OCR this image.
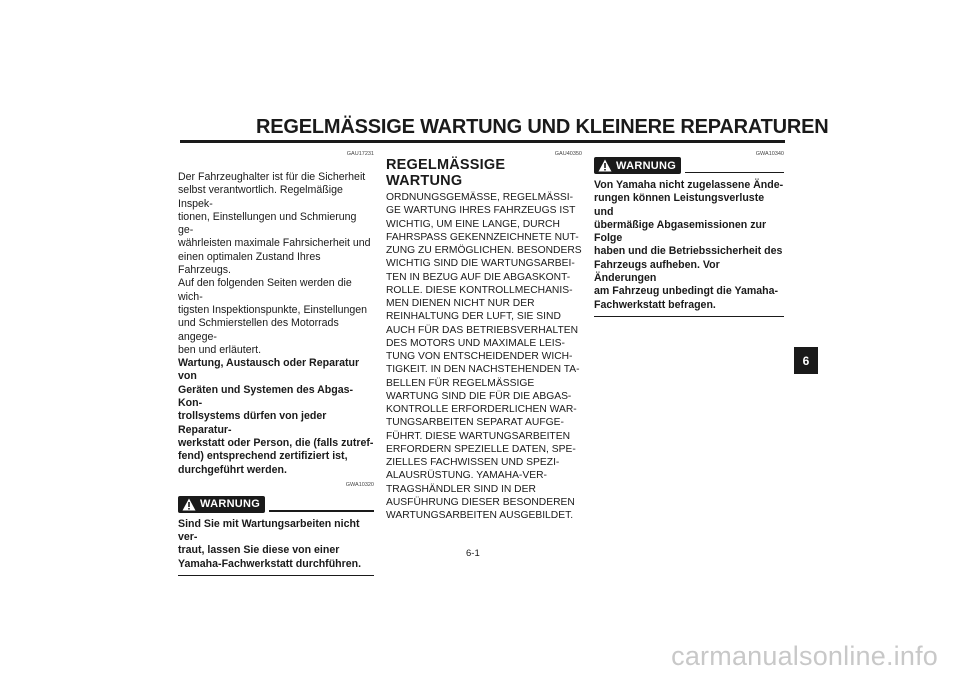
REGELMÄSSIGE WARTUNG UND KLEINERE REPARATUREN
GAU17231
Der Fahrzeughalter ist für die Sicherheit
selbst verantwortlich. Regelmäßige Inspek-
tionen, Einstellungen und Schmierung ge-
währleisten maximale Fahrsicherheit und
einen optimalen Zustand Ihres Fahrzeugs.
Auf den folgenden Seiten werden die wich-
tigsten Inspektionspunkte, Einstellungen
und Schmierstellen des Motorrads angege-
ben und erläutert.
Wartung, Austausch oder Reparatur von
Geräten und Systemen des Abgas-Kon-
trollsystems dürfen von jeder Reparatur-
werkstatt oder Person, die (falls zutref-
fend) entsprechend zertifiziert ist,
durchgeführt werden.
GWA10320
WARNUNG
Sind Sie mit Wartungsarbeiten nicht ver-
traut, lassen Sie diese von einer
Yamaha-Fachwerkstatt durchführen.
GAU40350
REGELMÄSSIGE WARTUNG
ORDNUNGSGEMÄSSE, REGELMÄSSI-
GE WARTUNG IHRES FAHRZEUGS IST
WICHTIG, UM EINE LANGE, DURCH
FAHRSPASS GEKENNZEICHNETE NUT-
ZUNG ZU ERMÖGLICHEN. BESONDERS
WICHTIG SIND DIE WARTUNGSARBEI-
TEN IN BEZUG AUF DIE ABGASKONT-
ROLLE. DIESE KONTROLLMECHANIS-
MEN DIENEN NICHT NUR DER
REINHALTUNG DER LUFT, SIE SIND
AUCH FÜR DAS BETRIEBSVERHALTEN
DES MOTORS UND MAXIMALE LEIS-
TUNG VON ENTSCHEIDENDER WICH-
TIGKEIT. IN DEN NACHSTEHENDEN TA-
BELLEN FÜR REGELMÄSSIGE
WARTUNG SIND DIE FÜR DIE ABGAS-
KONTROLLE ERFORDERLICHEN WAR-
TUNGSARBEITEN SEPARAT AUFGE-
FÜHRT. DIESE WARTUNGSARBEITEN
ERFORDERN SPEZIELLE DATEN, SPE-
ZIELLES FACHWISSEN UND SPEZI-
ALAUSRÜSTUNG. YAMAHA-VER-
TRAGSHÄNDLER SIND IN DER
AUSFÜHRUNG DIESER BESONDEREN
WARTUNGSARBEITEN AUSGEBILDET.
GWA10340
WARNUNG
Von Yamaha nicht zugelassene Ände-
rungen können Leistungsverluste und
übermäßige Abgasemissionen zur Folge
haben und die Betriebssicherheit des
Fahrzeugs aufheben. Vor Änderungen
am Fahrzeug unbedingt die Yamaha-
Fachwerkstatt befragen.
6
6-1
carmanualsonline.info
